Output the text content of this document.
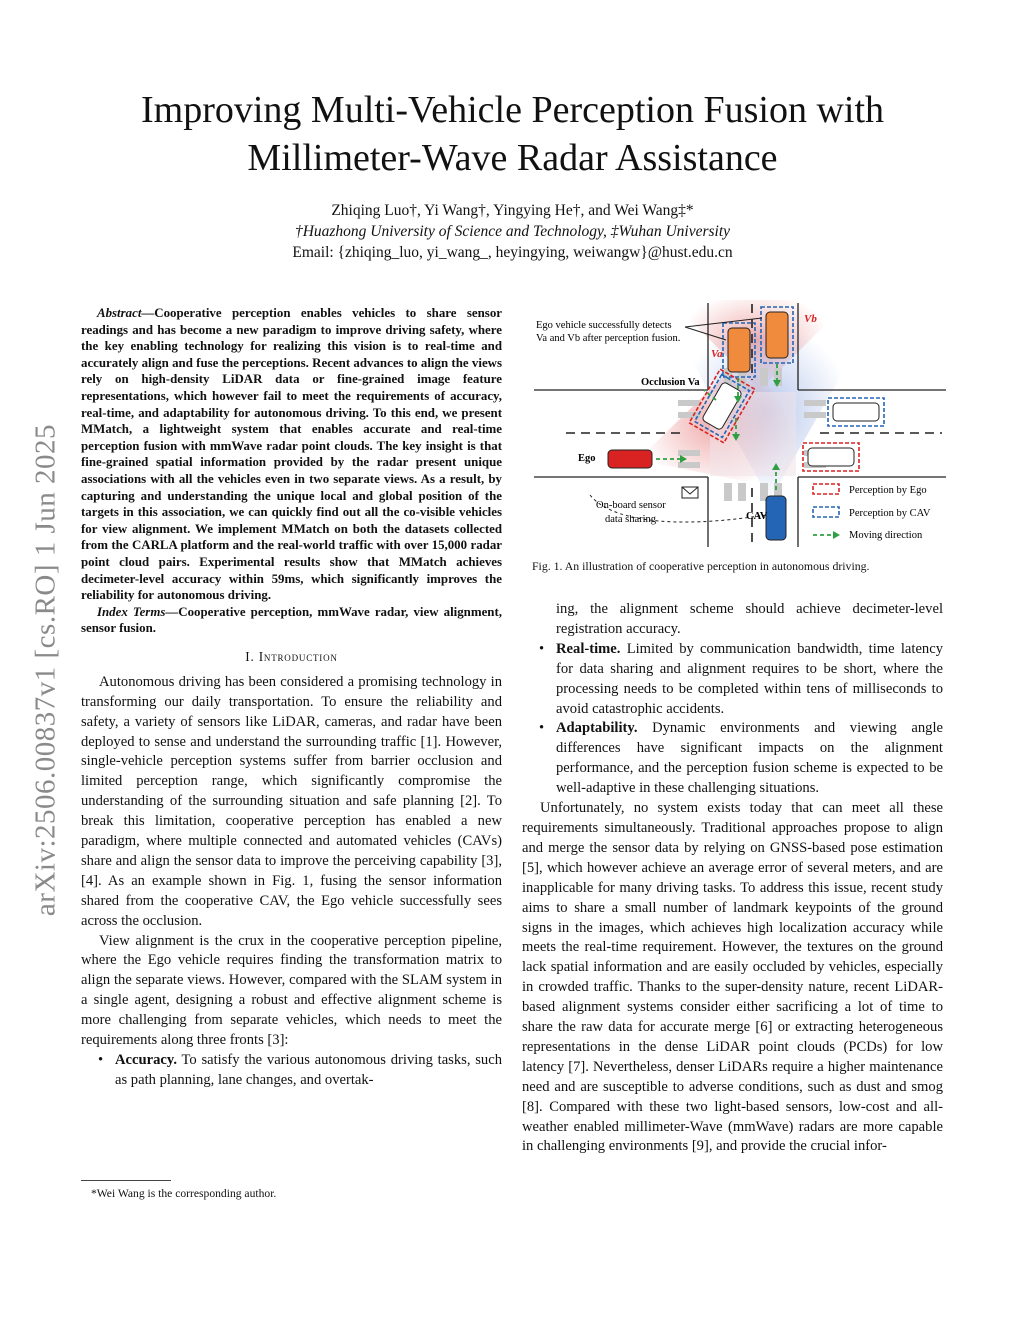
arXiv:2506.00837v1 [cs.RO] 1 Jun 2025
Improving Multi-Vehicle Perception Fusion with Millimeter-Wave Radar Assistance
Zhiqing Luo†, Yi Wang†, Yingying He†, and Wei Wang‡*
†Huazhong University of Science and Technology, ‡Wuhan University
Email: {zhiqing_luo, yi_wang_, heyingying, weiwangw}@hust.edu.cn

Abstract—Cooperative perception enables vehicles to share sensor readings and has become a new paradigm to improve driving safety, where the key enabling technology for realizing this vision is to real-time and accurately align and fuse the perceptions. Recent advances to align the views rely on high-density LiDAR data or fine-grained image feature representations, which however fail to meet the requirements of accuracy, real-time, and adaptability for autonomous driving. To this end, we present MMatch, a lightweight system that enables accurate and real-time perception fusion with mmWave radar point clouds. The key insight is that fine-grained spatial information provided by the radar present unique associations with all the vehicles even in two separate views. As a result, by capturing and understanding the unique local and global position of the targets in this association, we can quickly find out all the co-visible vehicles for view alignment. We implement MMatch on both the datasets collected from the CARLA platform and the real-world traffic with over 15,000 radar point cloud pairs. Experimental results show that MMatch achieves decimeter-level accuracy within 59ms, which significantly improves the reliability for autonomous driving.

Index Terms—Cooperative perception, mmWave radar, view alignment, sensor fusion.

I. Introduction

Autonomous driving has been considered a promising technology in transforming our daily transportation. To ensure the reliability and safety, a variety of sensors like LiDAR, cameras, and radar have been deployed to sense and understand the surrounding traffic [1]. However, single-vehicle perception systems suffer from barrier occlusion and limited perception range, which significantly compromise the understanding of the surrounding situation and safe planning [2]. To break this limitation, cooperative perception has enabled a new paradigm, where multiple connected and automated vehicles (CAVs) share and align the sensor data to improve the perceiving capability [3], [4]. As an example shown in Fig. 1, fusing the sensor information shared from the cooperative CAV, the Ego vehicle successfully sees across the occlusion.

View alignment is the crux in the cooperative perception pipeline, where the Ego vehicle requires finding the transformation matrix to align the separate views. However, compared with the SLAM system in a single agent, designing a robust and effective alignment scheme is more challenging from separate vehicles, which needs to meet the requirements along three fronts [3]:

• Accuracy. To satisfy the various autonomous driving tasks, such as path planning, lane changes, and overtak-
*Wei Wang is the corresponding author.
Ego vehicle successfully detects
Va and Vb after perception fusion.
Occlusion Va
Va
Vb
Ego
CAV
On-board sensor
data sharing
Perception by Ego
Perception by CAV
Moving direction
Fig. 1. An illustration of cooperative perception in autonomous driving.

ing, the alignment scheme should achieve decimeter-level registration accuracy.

• Real-time. Limited by communication bandwidth, time latency for data sharing and alignment requires to be short, where the processing needs to be completed within tens of milliseconds to avoid catastrophic accidents.
• Adaptability. Dynamic environments and viewing angle differences have significant impacts on the alignment performance, and the perception fusion scheme is expected to be well-adaptive in these challenging situations.

Unfortunately, no system exists today that can meet all these requirements simultaneously. Traditional approaches propose to align and merge the sensor data by relying on GNSS-based pose estimation [5], which however achieve an average error of several meters, and are inapplicable for many driving tasks. To address this issue, recent study aims to share a small number of landmark keypoints of the ground signs in the images, which achieves high localization accuracy while meets the real-time requirement. However, the textures on the ground lack spatial information and are easily occluded by vehicles, especially in crowded traffic. Thanks to the super-density nature, recent LiDAR-based alignment systems consider either sacrificing a lot of time to share the raw data for accurate merge [6] or extracting heterogeneous representations in the dense LiDAR point clouds (PCDs) for low latency [7]. Nevertheless, denser LiDARs require a higher maintenance need and are susceptible to adverse conditions, such as dust and smog [8]. Compared with these two light-based sensors, low-cost and all-weather enabled millimeter-Wave (mmWave) radars are more capable in challenging environments [9], and provide the crucial infor-
